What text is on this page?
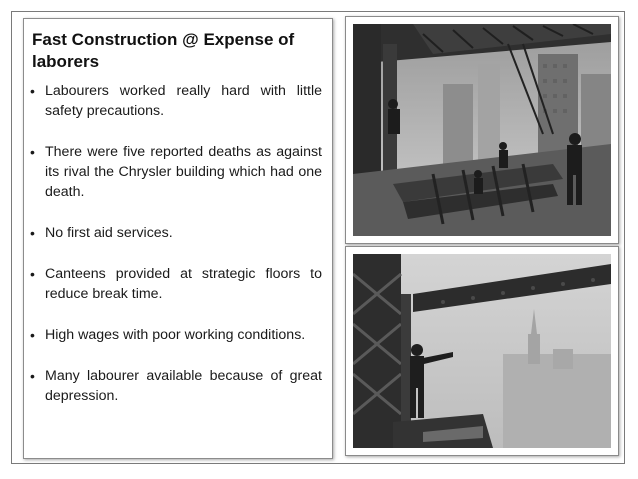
Fast Construction @ Expense of laborers
• Labourers worked really hard with little safety precautions.
• There were five reported deaths as against its rival the Chrysler building which had one death.
• No first aid services.
• Canteens provided at strategic floors to reduce break time.
• High wages with poor working conditions.
• Many labourer available because of great depression.
